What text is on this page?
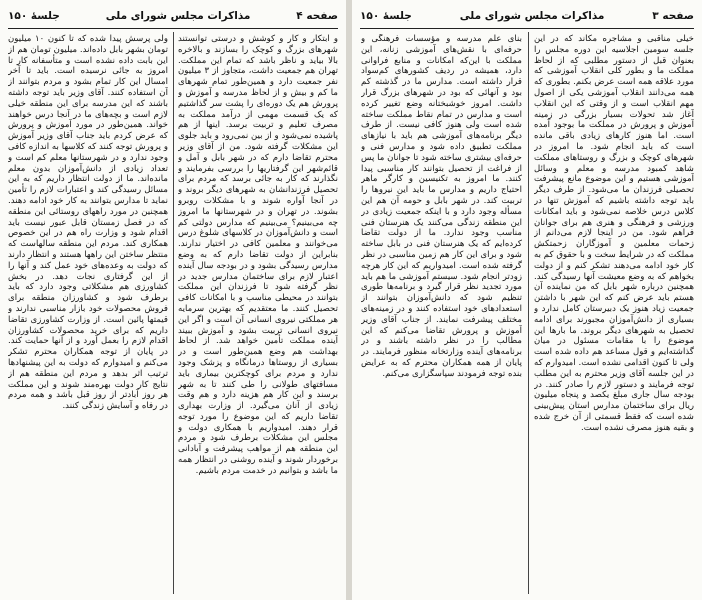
صفحه ۴
مذاکرات مجلس شورای ملی
جلسهٔ ۱۵۰

و ابتکار و کار و کوشش و درستی توانستند شهرهای بزرگ و کوچک را بسازند و بالاخره بالا بیاید و ناظر باشد که تمام این مملکت. تهران هم جمعیت داشت، متجاوز از ۳ میلیون نفر جمعیت دارد و همین‌طور تمام شهرهای ما کم و بیش و از لحاظ مدرسه و آموزش و پرورش هم یک دوره‌ای را پشت سر گذاشتیم که یک قسمت مهمی از درآمد مملکت به مصرف تعلیم و تربیت برسد. اینها از هم پاشیده نمی‌شود و از بین نمی‌رود و باید جلوی این مشکلات گرفته شود. من از آقای وزیر محترم تقاضا دارم که در شهر بابل و آمل و قائم‌شهر این گرفتاریها را بررسی بفرمایند و نگذارند که کار به جائی برسد که مردم برای تحصیل فرزندانشان به شهرهای دیگر بروند و در آنجا آواره شوند و با مشکلات روبرو بشوند. در تهران و در شهرستانها ما امروز چه می‌بینیم؟ می‌بینیم که مدارس دولتی کم است و دانش‌آموزان در کلاسهای شلوغ درس می‌خوانند و معلمین کافی در اختیار ندارند. بنابراین از دولت تقاضا دارم که به وضع مدارس رسیدگی بشود و در بودجه سال آینده اعتبار لازم برای ساختمان مدارس جدید در نظر گرفته شود تا فرزندان این مملکت بتوانند در محیطی مناسب و با امکانات کافی تحصیل کنند. ما معتقدیم که بهترین سرمایه هر مملکتی نیروی انسانی آن است و اگر این نیروی انسانی تربیت بشود و آموزش ببیند آینده مملکت تأمین خواهد شد. از لحاظ بهداشت هم وضع همین‌طور است و در بسیاری از روستاها درمانگاه و پزشک وجود ندارد و مردم برای کوچکترین بیماری باید مسافتهای طولانی را طی کنند تا به شهر برسند و این کار هم هزینه دارد و هم وقت زیادی از آنان می‌گیرد. از وزارت بهداری تقاضا داریم که این موضوع را مورد توجه قرار دهند. امیدواریم با همکاری دولت و مجلس این مشکلات برطرف شود و مردم این منطقه هم از مواهب پیشرفت و آبادانی برخوردار شوند و آینده روشنی در انتظار همه ما باشد و بتوانیم در خدمت مردم باشیم.

ولی پرسش پیدا شده که تا کنون ۱۰ میلیون تومان بشهر بابل داده‌اند. میلیون تومان هم از این بابت داده نشده است و متأسفانه کار تا امروز به جائی نرسیده است. باید تا آخر امسال این کار تمام بشود و مردم بتوانند از آن استفاده کنند. آقای وزیر باید توجه داشته باشند که این مدرسه برای این منطقه خیلی لازم است و بچه‌های ما در آنجا درس خواهند خواند. همین‌طور در مورد آموزش و پرورش که عرض کردم باید جناب آقای وزیر آموزش و پرورش توجه کنند که کلاسها به اندازه کافی وجود ندارد و در شهرستانها معلم کم است و تعداد زیادی از دانش‌آموزان بدون معلم مانده‌اند. ما از دولت انتظار داریم که به این مسائل رسیدگی کند و اعتبارات لازم را تأمین نماید تا مدارس بتوانند به کار خود ادامه دهند. همچنین در مورد راههای روستائی این منطقه که در فصل زمستان قابل عبور نیست باید اقدام شود و وزارت راه هم در این خصوص همکاری کند. مردم این منطقه سالهاست که منتظر ساختن این راهها هستند و انتظار دارند که دولت به وعده‌های خود عمل کند و آنها را از این گرفتاری نجات دهد. در بخش کشاورزی هم مشکلاتی وجود دارد که باید برطرف شود و کشاورزان منطقه برای فروش محصولات خود بازار مناسبی ندارند و قیمتها پائین است. از وزارت کشاورزی تقاضا داریم که برای خرید محصولات کشاورزان اقدام لازم را بعمل آورد و از آنها حمایت کند. در پایان از توجه همکاران محترم تشکر می‌کنم و امیدوارم که دولت به این پیشنهادها ترتیب اثر بدهد و مردم این منطقه هم از نتایج کار دولت بهره‌مند شوند و این مملکت هر روز آبادتر از روز قبل باشد و همه مردم در رفاه و آسایش زندگی کنند.

صفحه ۳
مذاکرات مجلس شورای ملی
جلسهٔ ۱۵۰

خیلی مناقبی و مشاجره مکاند که در این جلسه سومین اجلاسیه این دوره مجلس را بعنوان قبل از دستور مطلبی که از لحاظ مملکت ما و بطور کلی انقلاب آموزشی که مورد علاقه همه است عرض بکنم. بطوری که همه می‌دانند انقلاب آموزشی یکی از اصول مهم انقلاب است و از وقتی که این انقلاب آغاز شد تحولات بسیار بزرگی در زمینه آموزش و پرورش در مملکت ما بوجود آمده است. اما هنوز کارهای زیادی باقی مانده است که باید انجام شود. ما امروز در شهرهای کوچک و بزرگ و روستاهای مملکت شاهد کمبود مدرسه و معلم و وسائل آموزشی هستیم و این موضوع مانع پیشرفت تحصیلی فرزندان ما می‌شود. از طرف دیگر باید توجه داشته باشیم که آموزش تنها در کلاس درس خلاصه نمی‌شود و باید امکانات ورزشی و فرهنگی و هنری هم برای جوانان فراهم شود. من در اینجا لازم می‌دانم از زحمات معلمین و آموزگاران زحمتکش مملکت که در شرایط سخت و با حقوق کم به کار خود ادامه می‌دهند تشکر کنم و از دولت بخواهم که به وضع معیشت آنها رسیدگی کند. همچنین درباره شهر بابل که من نماینده آن هستم باید عرض کنم که این شهر با داشتن جمعیت زیاد هنوز یک دبیرستان کامل ندارد و بسیاری از دانش‌آموزان مجبورند برای ادامه تحصیل به شهرهای دیگر بروند. ما بارها این موضوع را با مقامات مسئول در میان گذاشته‌ایم و قول مساعد هم داده شده است ولی تا کنون اقدامی نشده است. امیدوارم که در این جلسه آقای وزیر محترم به این مطلب توجه فرمایند و دستور لازم را صادر کنند. در بودجه سال جاری مبلغ یکصد و پنجاه میلیون ریال برای ساختمان مدارس استان پیش‌بینی شده است که فقط قسمتی از آن خرج شده و بقیه هنوز مصرف نشده است.

بنای علم مدرسه و مؤسسات فرهنگی و حرفه‌ای با نقش‌های آموزشی زنانه، این مملکت با این‌که امکانات و منابع فراوانی دارد، همیشه در ردیف کشورهای کم‌سواد قرار داشته است. مدارس ما در گذشته کم بود و آنهائی که بود در شهرهای بزرگ قرار داشت. امروز خوشبختانه وضع تغییر کرده است و مدارس در تمام نقاط مملکت ساخته شده است ولی هنوز کافی نیست. از طرف دیگر برنامه‌های آموزشی هم باید با نیازهای مملکت تطبیق داده شود و مدارس فنی و حرفه‌ای بیشتری ساخته شود تا جوانان ما پس از فراغت از تحصیل بتوانند کار مناسبی پیدا کنند. ما امروز به تکنیسین و کارگر ماهر احتیاج داریم و مدارس ما باید این نیروها را تربیت کند. در شهر بابل و حومه آن هم این مسأله وجود دارد و با اینکه جمعیت زیادی در این منطقه زندگی می‌کنند یک هنرستان فنی مناسب وجود ندارد. ما از دولت تقاضا کرده‌ایم که یک هنرستان فنی در بابل ساخته شود و برای این کار هم زمین مناسبی در نظر گرفته شده است. امیدواریم که این کار هرچه زودتر انجام شود. سیستم آموزشی ما هم باید مورد تجدید نظر قرار گیرد و برنامه‌ها طوری تنظیم شود که دانش‌آموزان بتوانند از استعدادهای خود استفاده کنند و در زمینه‌های مختلف پیشرفت نمایند. از جناب آقای وزیر آموزش و پرورش تقاضا می‌کنم که این مطالب را در نظر داشته باشند و در برنامه‌های آینده وزارتخانه منظور فرمایند. در پایان از همه همکاران محترم که به عرایض بنده توجه فرمودند سپاسگزاری می‌کنم.
